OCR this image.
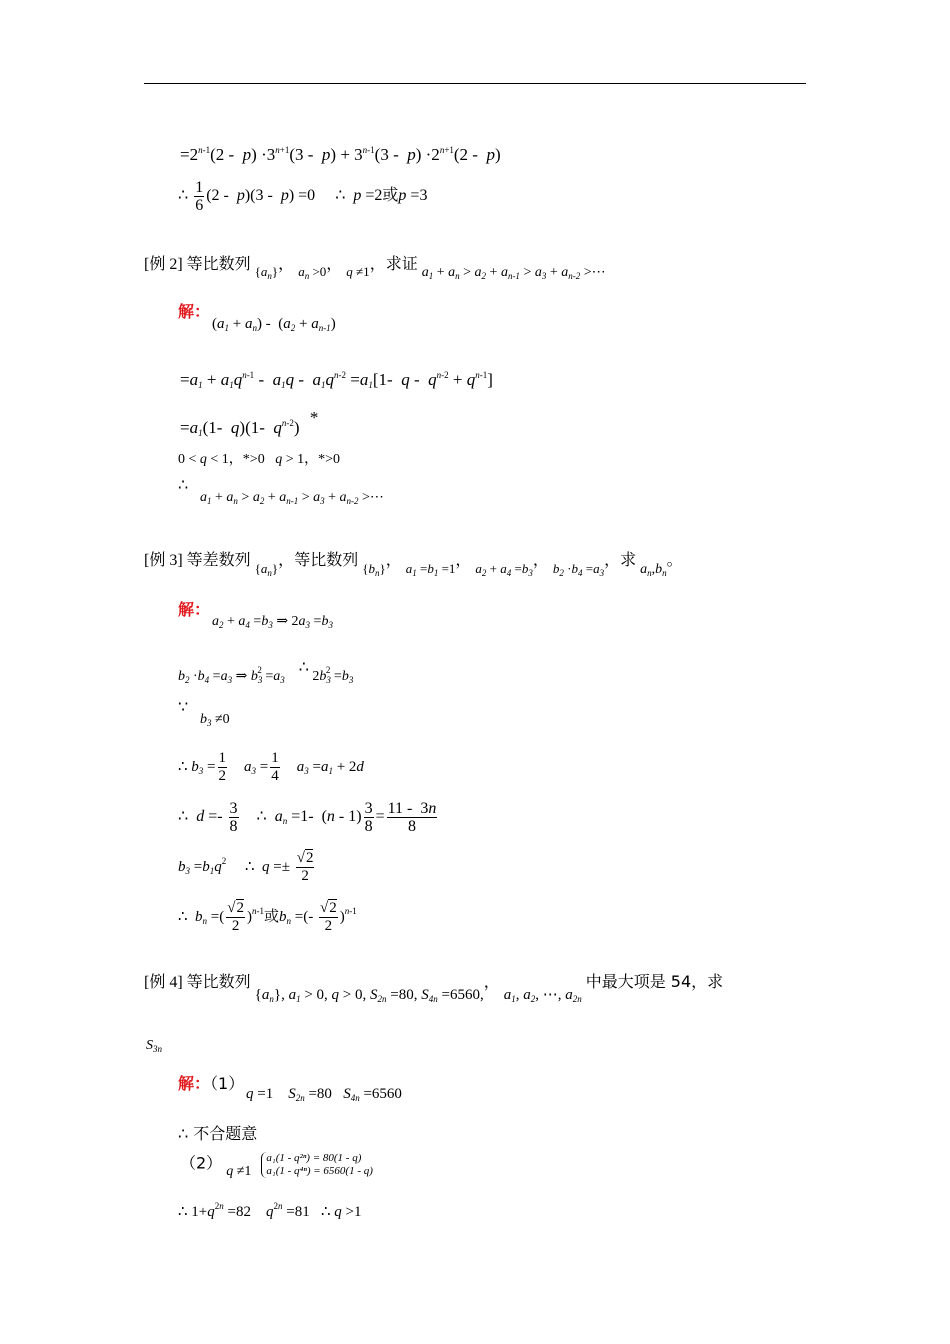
$=2^{n-1}(2 - p) \cdot 3^{n+1}(3 - p) + 3^{n-1}(3 - p) \cdot 2^{n+1}(2 - p)$
∴ $\frac{1}{6} (2 - p)(3 - p) =0$     ∴ p =2或p =3
[例 2] 等比数列 $_{\{a_n\}}$， $_{a_n >0}$， $_{q \ne 1}$，求证 $a_1 + a_n > a_2 + a_{n-1} > a_3 + a_{n-2}$ >⋯
解：
$(a_1 + a_n) - (a_2 + a_{n-1})$
$=a_1 + a_1q^{n-1} - a_1q - a_1q^{n-2} =a_1[1-$  $q - q^{n-2} + q^{n-1}$]
$=a_1(1-$  q)(1-  $q^{n-2}$) *
0 < q < 1，*>0   q > 1，*>0
∴
$a_1 + a_n > a_2 + a_{n-1} > a_3 + a_{n-2}$ >⋯
[例 3] 等差数列 $_{\{a_n\}}$，等比数列 $_{\{b_n\}}$， $_{a_1 =b_1 =1}$， $_{a_2 + a_4 =b_3}$， $_{b_2 \cdot b_4 =a_3}$，求 $a_n,b_n$。
解：
$a_2 + a_4 =b_3$ ⇒ $2a_3 =b_3$
$b_2 \cdot b_4 =a_3$ ⇒ $b_3^2 =a_3$    ∴ $2b_3^2 =b_3$
∵
$b_3 \ne 0$
∴ $b_3 = \frac{1}{2} a_3 = \frac{1}{4} a_3 =a_1 + 2d$
∴  $d =- \frac{3}{8}$ ∴  $a_n =1-$  $(n - 1) \frac{3}{8} = \frac{11 - 3n}{8}$
$b_3 =b_1q^2$     ∴  $q =\pm \frac{√2}{2}$
∴  $b_n$ =( $\frac{√2}{2} )^{n-1}$或$b_n$ =(- $\frac{√2}{2} )^{n-1}$
[例 4] 等比数列 $\{a_n\}$, $a_1 > 0$, q > 0, $S_{2n} =80$, $S_{4n} =6560$,， $a_1$, $a_2$, ⋯, $a_{2n}$ 中最大项是 54，求
$S_{3n}$
解：（1）
q =1    $S_{2n} =80$   $S_{4n} =6560$
∴ 不合题意
（2） q ≠1
a₁(1 - q²ⁿ) = 80(1 - q)
a₁(1 - q⁴ⁿ) = 6560(1 - q)
∴ $1+q^{2n} =82$    $q^{2n} =81$   ∴ q >1
